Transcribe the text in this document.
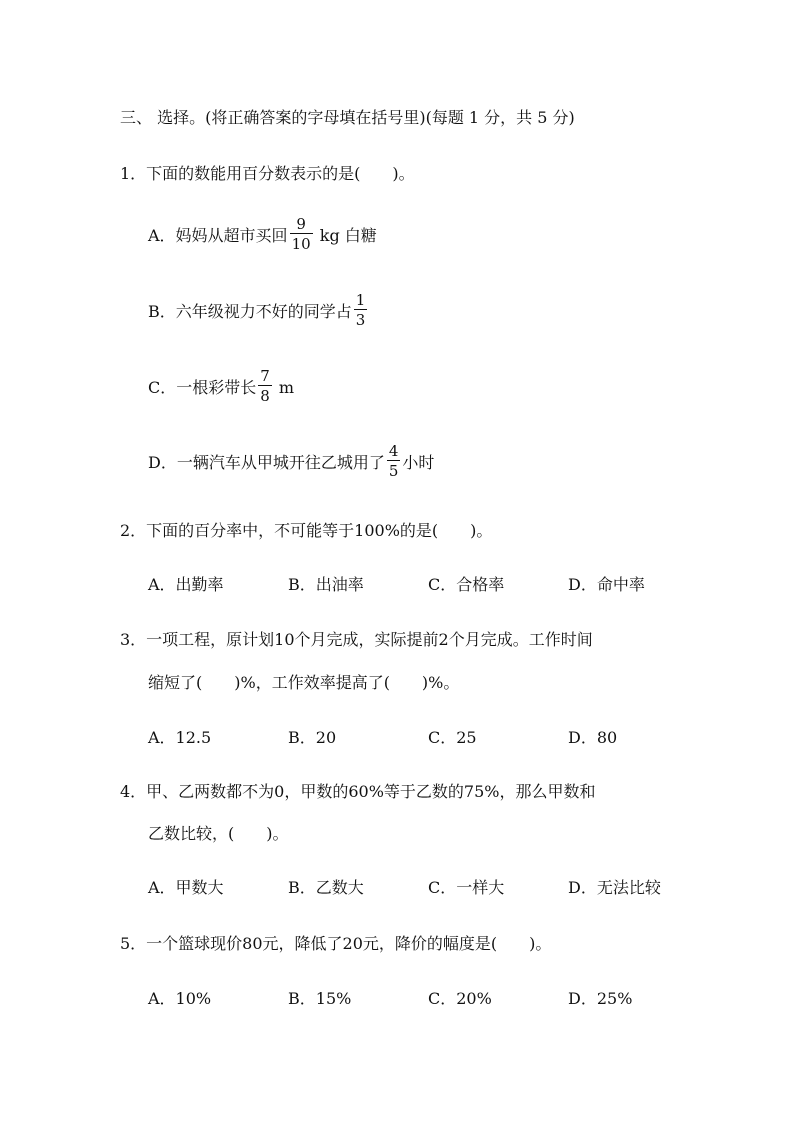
三、 选择。(将正确答案的字母填在括号里)(每题 1 分，共 5 分)
1．下面的数能用百分数表示的是(　　)。
A．妈妈从超市买回 $\frac{9}{10}$ kg 白糖
B．六年级视力不好的同学占 $\frac{1}{3}$
C．一根彩带长 $\frac{7}{8}$ m
D．一辆汽车从甲城开往乙城用了 $\frac{4}{5}$ 小时
2．下面的百分率中，不可能等于100%的是(　　)。
A．出勤率	B．出油率	C．合格率	D．命中率
3．一项工程，原计划10个月完成，实际提前2个月完成。工作时间
缩短了(　　)%，工作效率提高了(　　)%。
A．12.5	B．20	C．25	D．80
4．甲、乙两数都不为0，甲数的60%等于乙数的75%，那么甲数和
乙数比较，(　　)。
A．甲数大	B．乙数大	C．一样大	D．无法比较
5．一个篮球现价80元，降低了20元，降价的幅度是(　　)。
A．10%	B．15%	C．20%	D．25%
